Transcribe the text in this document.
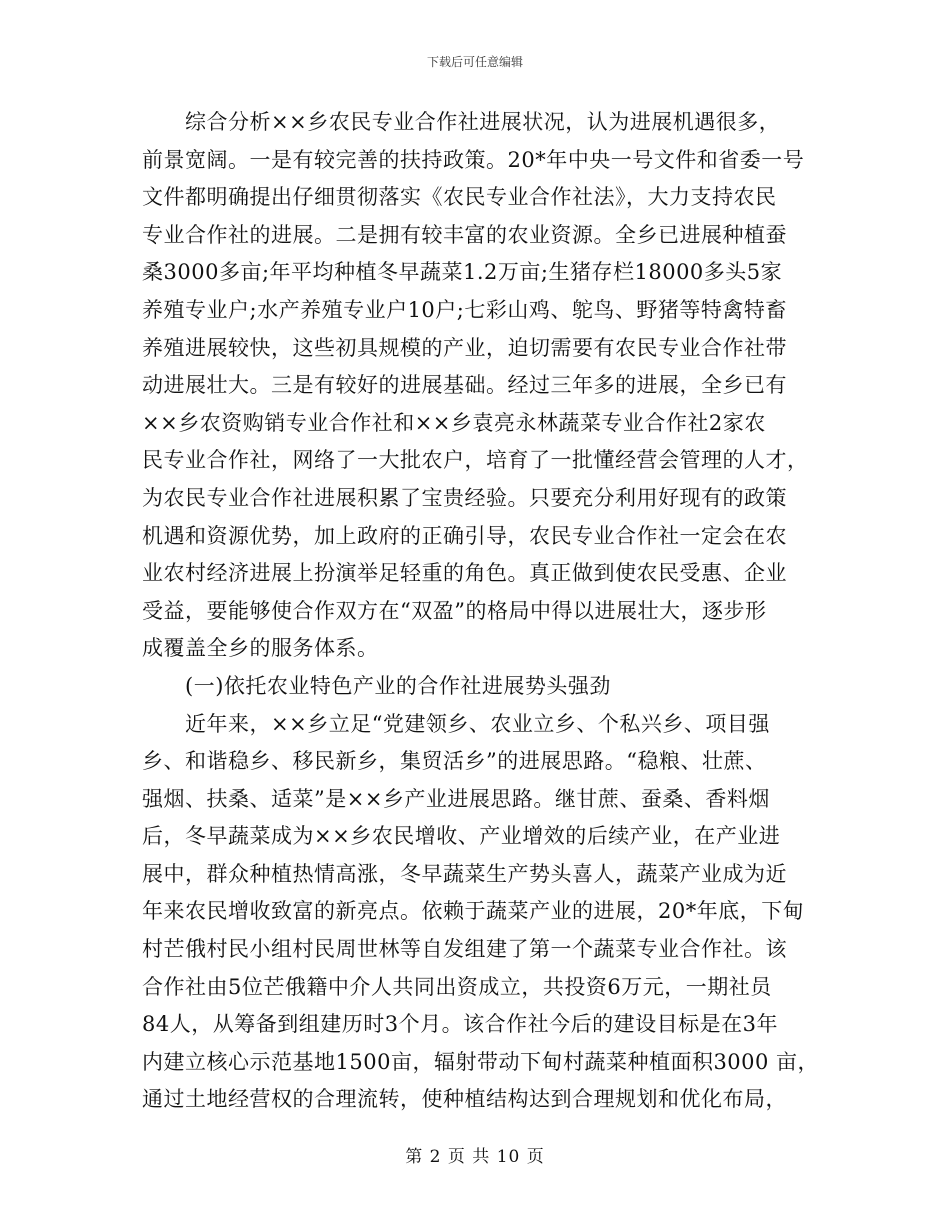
下载后可任意编辑
　　综合分析××乡农民专业合作社进展状况，认为进展机遇很多，
前景宽阔。一是有较完善的扶持政策。20*年中央一号文件和省委一号
文件都明确提出仔细贯彻落实《农民专业合作社法》，大力支持农民
专业合作社的进展。二是拥有较丰富的农业资源。全乡已进展种植蚕
桑3000多亩;年平均种植冬早蔬菜1.2万亩;生猪存栏18000多头5家
养殖专业户;水产养殖专业户10户;七彩山鸡、鸵鸟、野猪等特禽特畜
养殖进展较快，这些初具规模的产业，迫切需要有农民专业合作社带
动进展壮大。三是有较好的进展基础。经过三年多的进展，全乡已有
××乡农资购销专业合作社和××乡袁亮永林蔬菜专业合作社2家农
民专业合作社，网络了一大批农户，培育了一批懂经营会管理的人才，
为农民专业合作社进展积累了宝贵经验。只要充分利用好现有的政策
机遇和资源优势，加上政府的正确引导，农民专业合作社一定会在农
业农村经济进展上扮演举足轻重的角色。真正做到使农民受惠、企业
受益，要能够使合作双方在“双盈”的格局中得以进展壮大，逐步形
成覆盖全乡的服务体系。
　　(一)依托农业特色产业的合作社进展势头强劲
　　近年来，××乡立足“党建领乡、农业立乡、个私兴乡、项目强
乡、和谐稳乡、移民新乡，集贸活乡”的进展思路。“稳粮、壮蔗、
强烟、扶桑、适菜”是××乡产业进展思路。继甘蔗、蚕桑、香料烟
后，冬早蔬菜成为××乡农民增收、产业增效的后续产业，在产业进
展中，群众种植热情高涨，冬早蔬菜生产势头喜人，蔬菜产业成为近
年来农民增收致富的新亮点。依赖于蔬菜产业的进展，20*年底，下甸
村芒俄村民小组村民周世林等自发组建了第一个蔬菜专业合作社。该
合作社由5位芒俄籍中介人共同出资成立，共投资6万元，一期社员
84人，从筹备到组建历时3个月。该合作社今后的建设目标是在3年
内建立核心示范基地1500亩，辐射带动下甸村蔬菜种植面积3000 亩，
通过土地经营权的合理流转，使种植结构达到合理规划和优化布局，
第 2 页 共 10 页
